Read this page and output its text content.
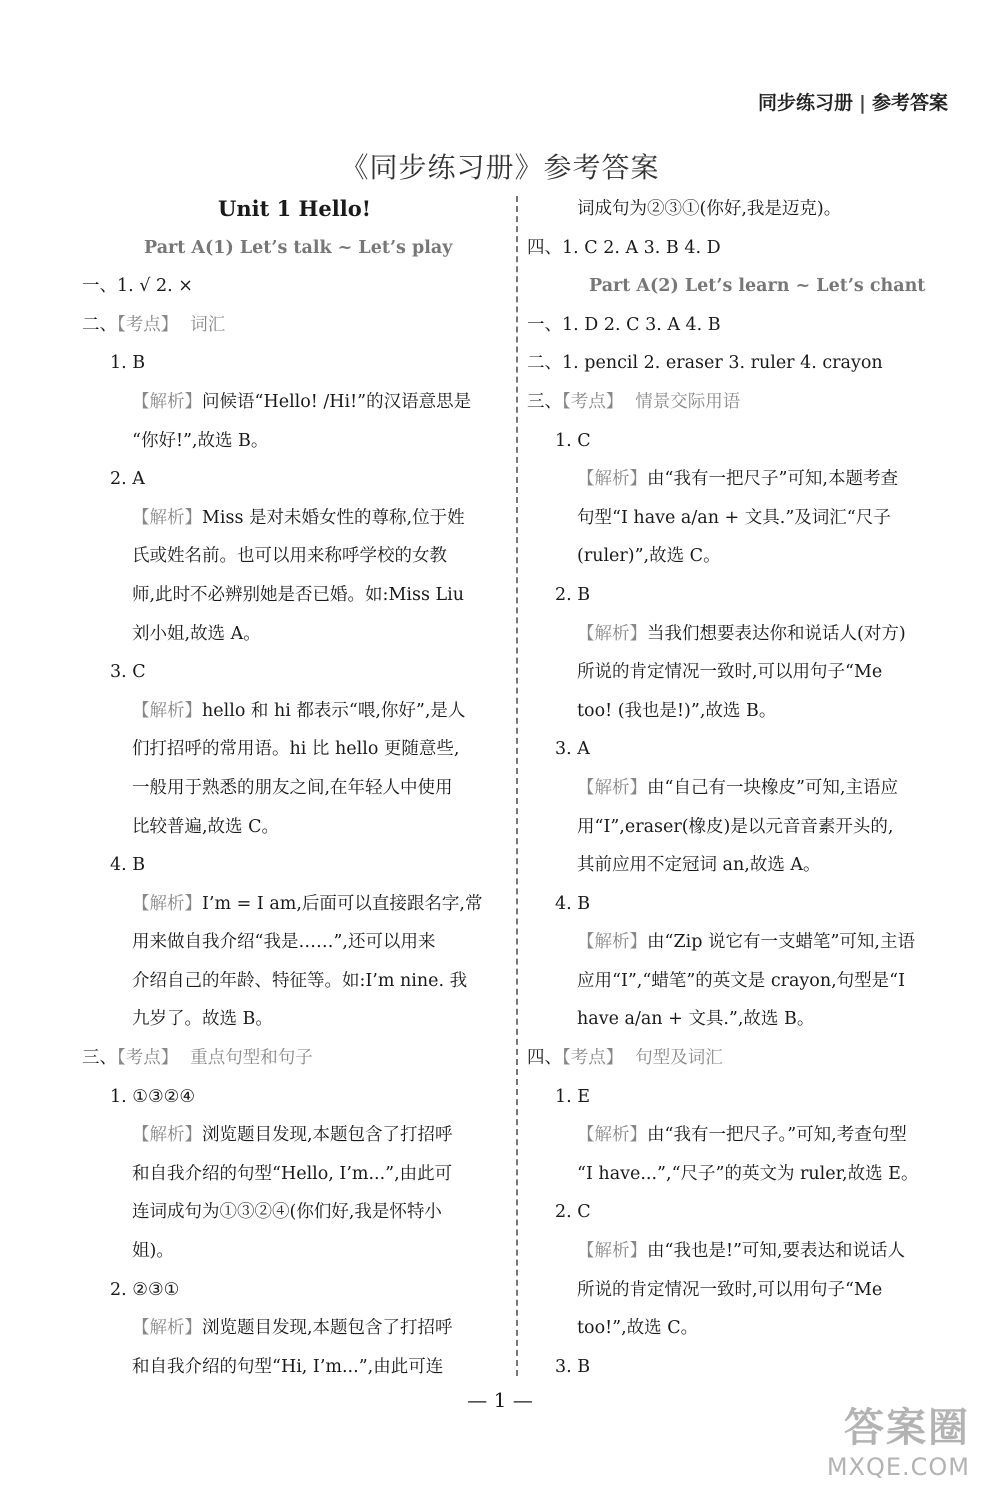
同步练习册 | 参考答案
《同步练习册》参考答案
Unit 1 Hello!
Part A(1) Let’s talk ~ Let’s play
一、1. √ 2. ×
二、【考点】 词汇
1. B
【解析】问候语“Hello! /Hi!”的汉语意思是
“你好!”,故选 B。
2. A
【解析】Miss 是对未婚女性的尊称,位于姓
氏或姓名前。也可以用来称呼学校的女教
师,此时不必辨别她是否已婚。如:Miss Liu
刘小姐,故选 A。
3. C
【解析】hello 和 hi 都表示“喂,你好”,是人
们打招呼的常用语。hi 比 hello 更随意些,
一般用于熟悉的朋友之间,在年轻人中使用
比较普遍,故选 C。
4. B
【解析】I’m = I am,后面可以直接跟名字,常
用来做自我介绍“我是……”,还可以用来
介绍自己的年龄、特征等。如:I’m nine. 我
九岁了。故选 B。
三、【考点】 重点句型和句子
1. ①③②④
【解析】浏览题目发现,本题包含了打招呼
和自我介绍的句型“Hello, I’m...”,由此可
连词成句为①③②④(你们好,我是怀特小
姐)。
2. ②③①
【解析】浏览题目发现,本题包含了打招呼
和自我介绍的句型“Hi, I’m...”,由此可连
词成句为②③①(你好,我是迈克)。
四、1. C 2. A 3. B 4. D
Part A(2) Let’s learn ~ Let’s chant
一、1. D 2. C 3. A 4. B
二、1. pencil 2. eraser 3. ruler 4. crayon
三、【考点】 情景交际用语
1. C
【解析】由“我有一把尺子”可知,本题考查
句型“I have a/an + 文具.”及词汇“尺子
(ruler)”,故选 C。
2. B
【解析】当我们想要表达你和说话人(对方)
所说的肯定情况一致时,可以用句子“Me
too! (我也是!)”,故选 B。
3. A
【解析】由“自己有一块橡皮”可知,主语应
用“I”,eraser(橡皮)是以元音音素开头的,
其前应用不定冠词 an,故选 A。
4. B
【解析】由“Zip 说它有一支蜡笔”可知,主语
应用“I”,“蜡笔”的英文是 crayon,句型是“I
have a/an + 文具.”,故选 B。
四、【考点】 句型及词汇
1. E
【解析】由“我有一把尺子。”可知,考查句型
“I have...”,“尺子”的英文为 ruler,故选 E。
2. C
【解析】由“我也是!”可知,要表达和说话人
所说的肯定情况一致时,可以用句子“Me
too!”,故选 C。
3. B
— 1 —
答案圈
MXQE.COM
